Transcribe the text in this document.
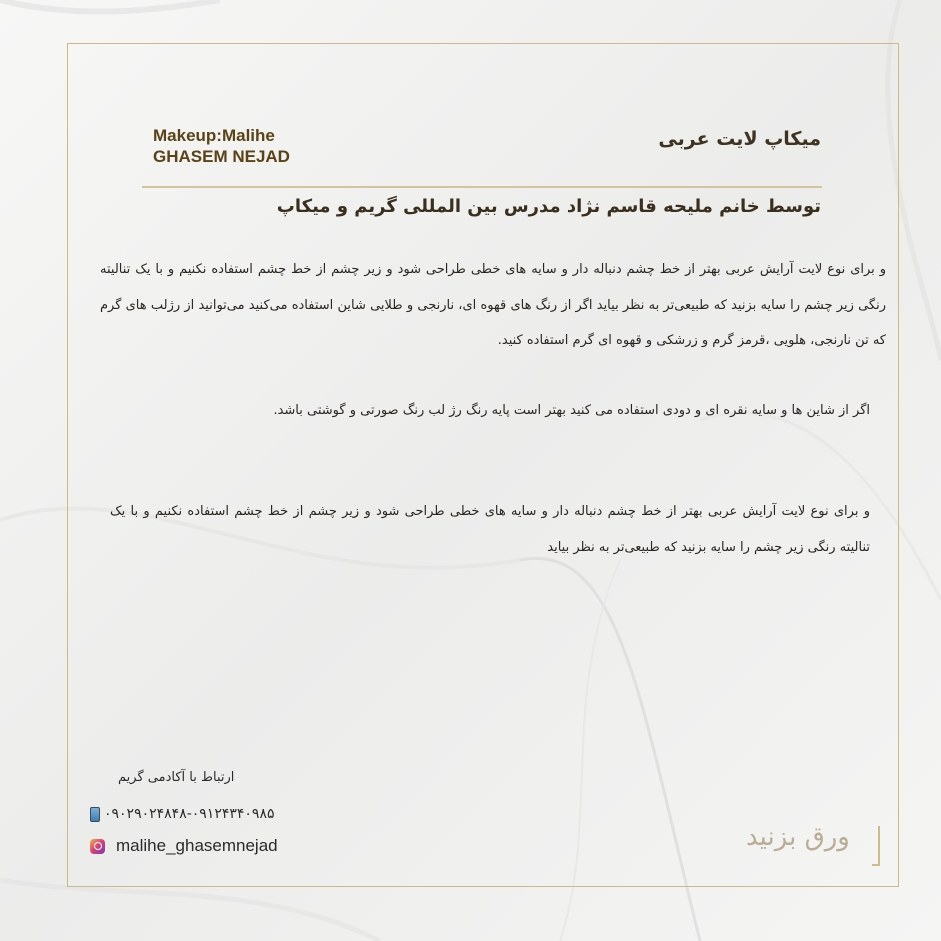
Makeup:Malihe
GHASEM NEJAD
میکاپ لایت عربی
توسط خانم ملیحه قاسم نژاد مدرس بین المللی گریم و میکاپ
و برای نوع لایت آرایش عربی بهتر از خط چشم دنباله دار و سایه های خطی طراحی شود و زیر چشم از خط چشم استفاده نکنیم و با یک تنالیته رنگی زیر چشم را سایه بزنید که طبیعی‌تر به نظر بیاید اگر از رنگ های قهوه ای، نارنجی و طلایی شاین استفاده می‌کنید می‌توانید از رژلب های گرم که تن نارنجی، هلویی ،قرمز گرم و زرشکی و قهوه ای گرم استفاده کنید.
اگر از شاین ها و سایه نقره ای و دودی استفاده می کنید بهتر است پایه رنگ رژ لب رنگ صورتی و گوشتی باشد.
و برای نوع لایت آرایش عربی بهتر از خط چشم دنباله دار و سایه های خطی طراحی شود و زیر چشم از خط چشم استفاده نکنیم و با یک تنالیته رنگی زیر چشم را سایه بزنید که طبیعی‌تر به نظر بیاید
ارتباط با آکادمی گریم
۰۹۰۲۹۰۲۴۸۴۸-۰۹۱۲۴۳۴۰۹۸۵
malihe_ghasemnejad	ورق بزنید
